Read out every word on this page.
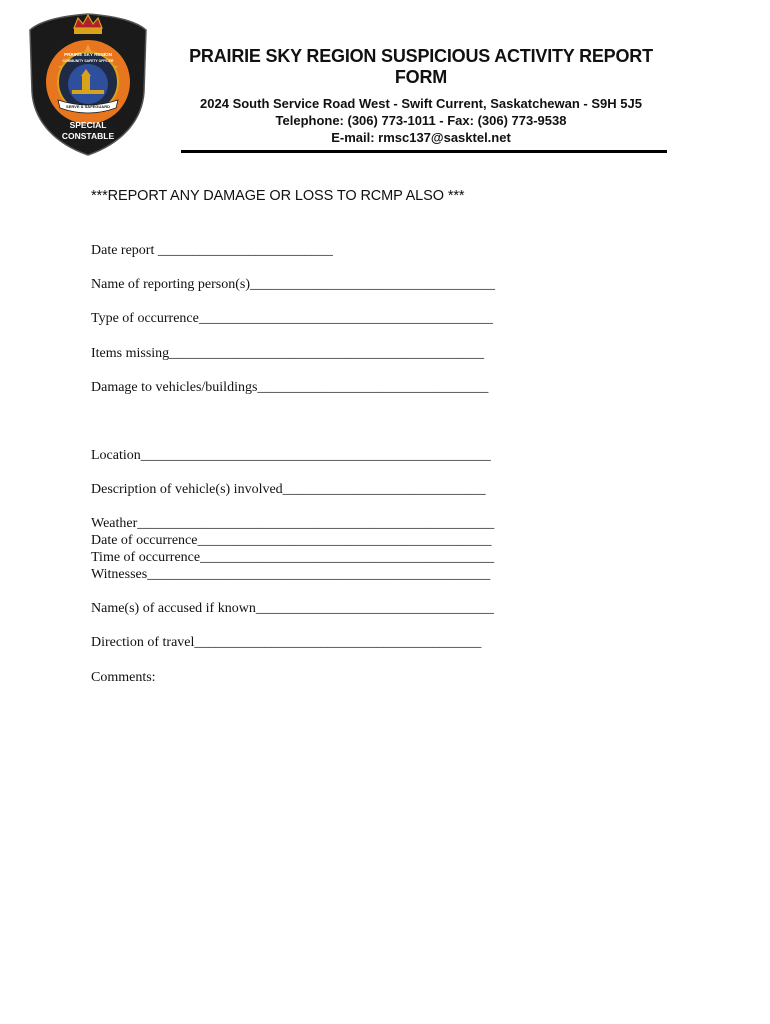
SERVE & SAFEGUARD
PRAIRIE SKY REGION
COMMUNITY SAFETY OFFICER
SPECIAL
CONSTABLE

PRAIRIE SKY REGION SUSPICIOUS ACTIVITY REPORT

FORM

2024 South Service Road West - Swift Current, Saskatchewan - S9H 5J5

Telephone: (306) 773-1011 - Fax: (306) 773-9538

E-mail: rmsc137@sasktel.net

***REPORT ANY DAMAGE OR LOSS TO RCMP ALSO ***
Date report _________________________
Name of reporting person(s)___________________________________
Type of occurrence__________________________________________
Items missing_____________________________________________
Damage to vehicles/buildings_________________________________
Location__________________________________________________
Description of vehicle(s) involved_____________________________
Weather___________________________________________________
Date of occurrence__________________________________________
Time of occurrence__________________________________________
Witnesses_________________________________________________
Name(s) of accused if known__________________________________
Direction of travel_________________________________________
Comments:
